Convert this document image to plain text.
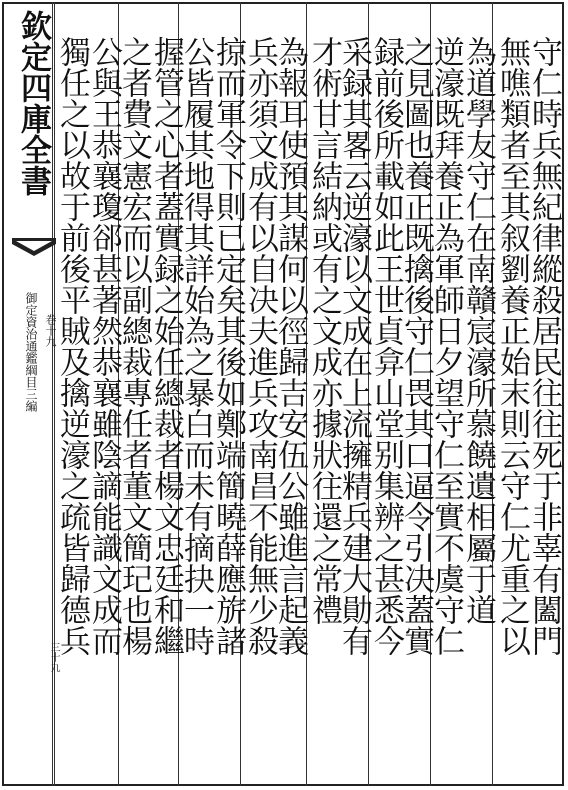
欽定四庫全書
御定資治通鑑綱目三編 卷十九
三十九
守仁時兵無紀律縱殺居民往往死于非辜有闔門
無噍類者至其叙劉養正始末則云守仁尤重之以
為道學友守仁在南贛宸濠所慕饒遺相屬于道
逆濠既拜養正為軍師日夕望守仁至實不虞守仁
之見圖也養正既擒後守仁畏其口逼令引决蓋實
録前後所載如此王世貞弇山堂别集辨之甚悉今
采録其畧云逆濠以文成在上流擁精兵建大勛有
才術甘言結納或有之文成亦據狀往還之常禮
為報耳使預其謀何以徑歸吉安伍公雖進言起義
兵亦須文成有以自决夫進兵攻南昌不能無少殺
掠而軍令下則已定矣其後如鄭端簡曉薛應旂諸
公皆履其地得其詳始為之暴白而未有摘抉一時
握管之心者蓋實録之始任總裁者楊文忠廷和繼
之者費文憲宏而以副總裁專任者董文簡玘也楊
公與王恭襄瓊郤甚著然恭襄雖陰謫能識文成而
獨任之以故于前後平賊及擒逆濠之疏皆歸德兵
